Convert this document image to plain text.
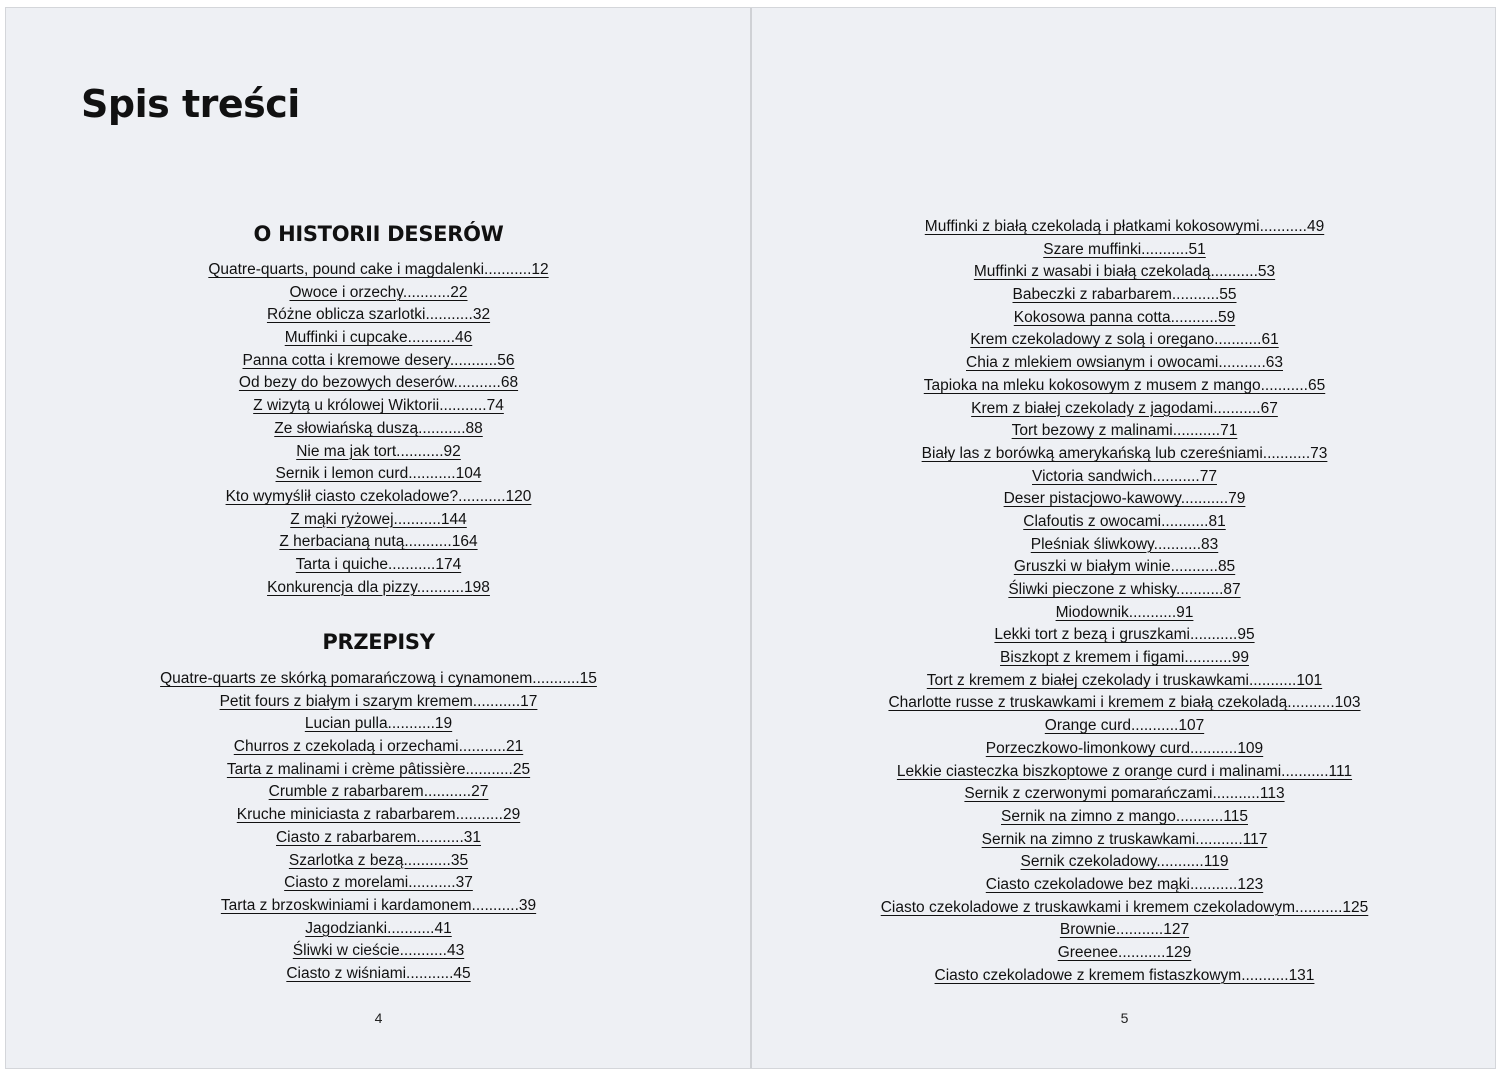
Spis treści
O HISTORII DESERÓW
Quatre-quarts, pound cake i magdalenki...........12
Owoce i orzechy...........22
Różne oblicza szarlotki...........32
Muffinki i cupcake...........46
Panna cotta i kremowe desery...........56
Od bezy do bezowych deserów...........68
Z wizytą u królowej Wiktorii...........74
Ze słowiańską duszą...........88
Nie ma jak tort...........92
Sernik i lemon curd...........104
Kto wymyślił ciasto czekoladowe?...........120
Z mąki ryżowej...........144
Z herbacianą nutą...........164
Tarta i quiche...........174
Konkurencja dla pizzy...........198
PRZEPISY
Quatre-quarts ze skórką pomarańczową i cynamonem...........15
Petit fours z białym i szarym kremem...........17
Lucian pulla...........19
Churros z czekoladą i orzechami...........21
Tarta z malinami i crème pâtissière...........25
Crumble z rabarbarem...........27
Kruche miniciasta z rabarbarem...........29
Ciasto z rabarbarem...........31
Szarlotka z bezą...........35
Ciasto z morelami...........37
Tarta z brzoskwiniami i kardamonem...........39
Jagodzianki...........41
Śliwki w cieście...........43
Ciasto z wiśniami...........45
4
Muffinki z białą czekoladą i płatkami kokosowymi...........49
Szare muffinki...........51
Muffinki z wasabi i białą czekoladą...........53
Babeczki z rabarbarem...........55
Kokosowa panna cotta...........59
Krem czekoladowy z solą i oregano...........61
Chia z mlekiem owsianym i owocami...........63
Tapioka na mleku kokosowym z musem z mango...........65
Krem z białej czekolady z jagodami...........67
Tort bezowy z malinami...........71
Biały las z borówką amerykańską lub czereśniami...........73
Victoria sandwich...........77
Deser pistacjowo-kawowy...........79
Clafoutis z owocami...........81
Pleśniak śliwkowy...........83
Gruszki w białym winie...........85
Śliwki pieczone z whisky...........87
Miodownik...........91
Lekki tort z bezą i gruszkami...........95
Biszkopt z kremem i figami...........99
Tort z kremem z białej czekolady i truskawkami...........101
Charlotte russe z truskawkami i kremem z białą czekoladą...........103
Orange curd...........107
Porzeczkowo-limonkowy curd...........109
Lekkie ciasteczka biszkoptowe z orange curd i malinami...........111
Sernik z czerwonymi pomarańczami...........113
Sernik na zimno z mango...........115
Sernik na zimno z truskawkami...........117
Sernik czekoladowy...........119
Ciasto czekoladowe bez mąki...........123
Ciasto czekoladowe z truskawkami i kremem czekoladowym...........125
Brownie...........127
Greenee...........129
Ciasto czekoladowe z kremem fistaszkowym...........131
5
